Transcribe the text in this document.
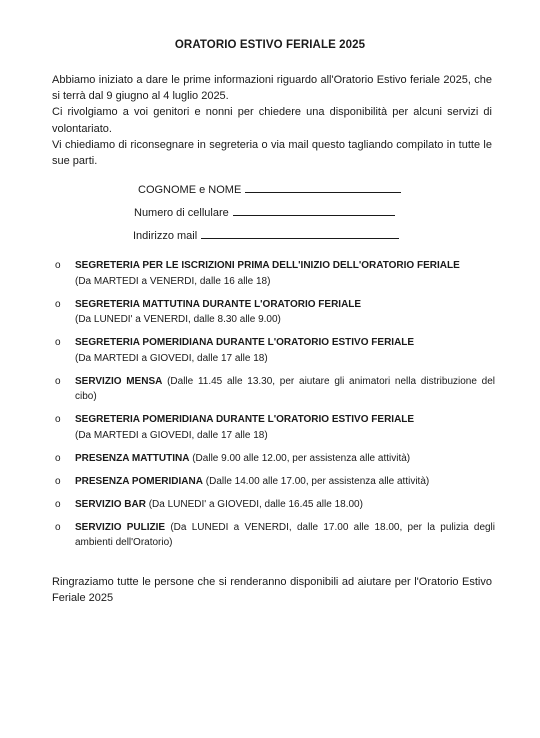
ORATORIO ESTIVO FERIALE 2025

Abbiamo iniziato a dare le prime informazioni riguardo all'Oratorio Estivo feriale 2025, che si terrà dal 9 giugno al 4 luglio 2025.

Ci rivolgiamo a voi genitori e nonni per chiedere una disponibilità per alcuni servizi di volontariato.

Vi chiediamo di riconsegnare in segreteria o via mail questo tagliando compilato in tutte le sue parti.

COGNOME e NOME
Numero di cellulare
Indirizzo mail
o SEGRETERIA PER LE ISCRIZIONI PRIMA DELL'INIZIO DELL'ORATORIO FERIALE
(Da MARTEDI a VENERDI, dalle 16 alle 18)
o SEGRETERIA MATTUTINA DURANTE L'ORATORIO FERIALE
(Da LUNEDI' a VENERDI, dalle 8.30 alle 9.00)
o SEGRETERIA POMERIDIANA DURANTE L'ORATORIO ESTIVO FERIALE
(Da MARTEDI a GIOVEDI, dalle 17 alle 18)
o SERVIZIO MENSA (Dalle 11.45 alle 13.30, per aiutare gli animatori nella distribuzione del cibo)
o SEGRETERIA POMERIDIANA DURANTE L'ORATORIO ESTIVO FERIALE
(Da MARTEDI a GIOVEDI, dalle 17 alle 18)
o PRESENZA MATTUTINA (Dalle 9.00 alle 12.00, per assistenza alle attività)
o PRESENZA POMERIDIANA (Dalle 14.00 alle 17.00, per assistenza alle attività)
o SERVIZIO BAR (Da LUNEDI' a GIOVEDI, dalle 16.45 alle 18.00)
o SERVIZIO PULIZIE (Da LUNEDI a VENERDI, dalle 17.00 alle 18.00, per la pulizia degli ambienti dell'Oratorio)
Ringraziamo tutte le persone che si renderanno disponibili ad aiutare per l'Oratorio Estivo Feriale 2025
